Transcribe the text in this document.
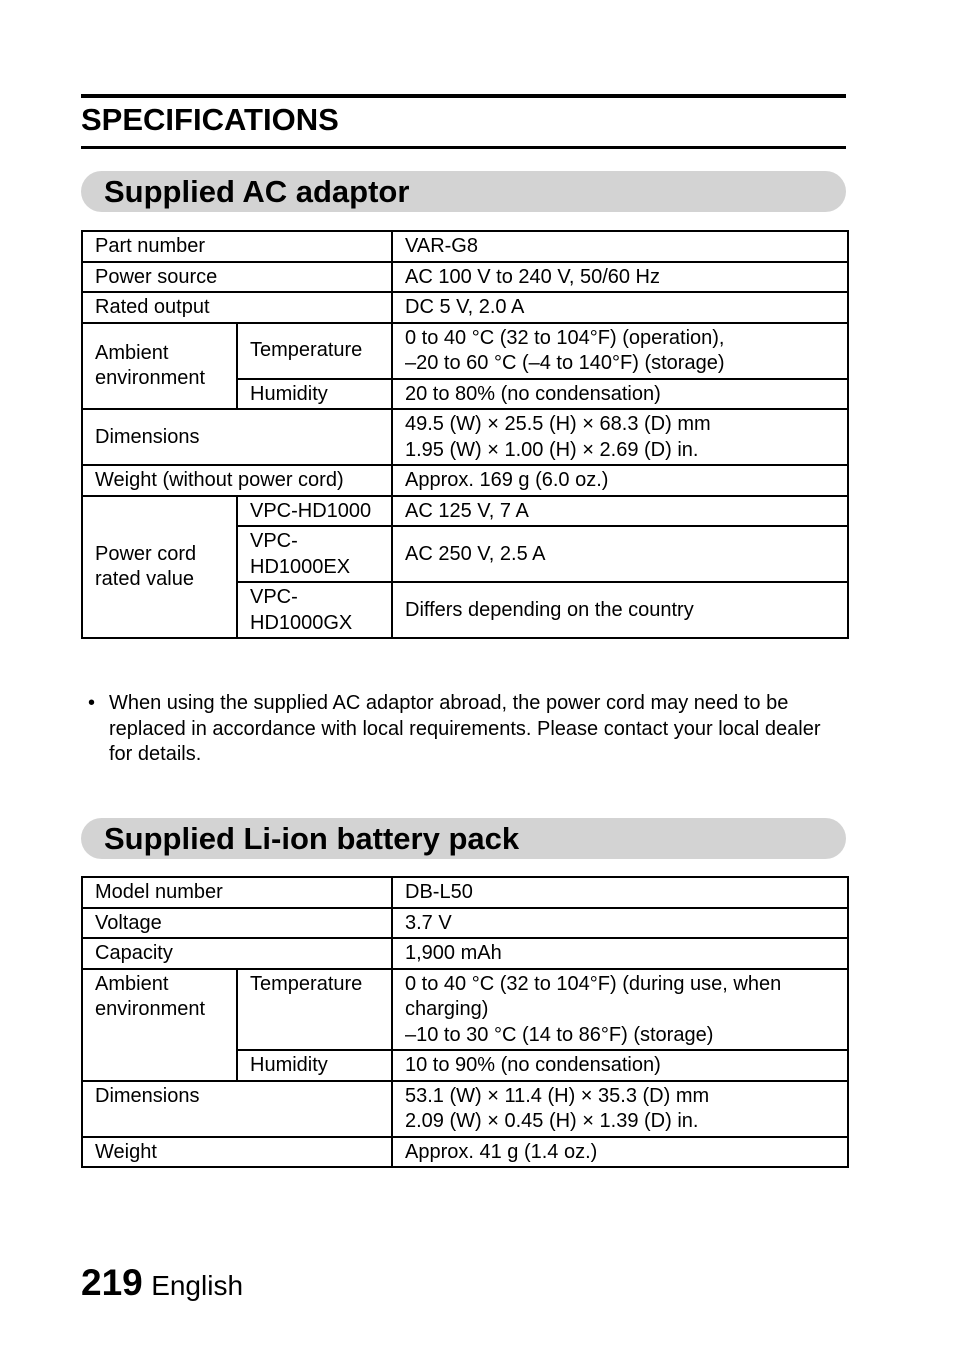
SPECIFICATIONS
Supplied AC adaptor
Part number		VAR-G8
Power source		AC 100 V to 240 V, 50/60 Hz
Rated output		DC 5 V, 2.0 A
Ambient environment	Temperature	0 to 40 °C (32 to 104°F) (operation),
–20 to 60 °C (–4 to 140°F) (storage)

	Humidity	20 to 80% (no condensation)
Dimensions		49.5 (W) × 25.5 (H) × 68.3 (D) mm
1.95 (W) × 1.00 (H) × 2.69 (D) in.

Weight (without power cord)		Approx. 169 g (6.0 oz.)
Power cord rated value	VPC-HD1000	AC 125 V, 7 A
	VPC-HD1000EX	AC 250 V, 2.5 A
	VPC-HD1000GX	Differs depending on the country
• When using the supplied AC adaptor abroad, the power cord may need to be replaced in accordance with local requirements. Please contact your local dealer for details.
Supplied Li-ion battery pack
Model number		DB-L50
Voltage		3.7 V
Capacity		1,900 mAh
Ambient environment	Temperature	0 to 40 °C (32 to 104°F) (during use, when charging)
–10 to 30 °C (14 to 86°F) (storage)

	Humidity	10 to 90% (no condensation)
Dimensions		53.1 (W) × 11.4 (H) × 35.3 (D) mm
2.09 (W) × 0.45 (H) × 1.39 (D) in.

Weight		Approx. 41 g (1.4 oz.)
219 English
